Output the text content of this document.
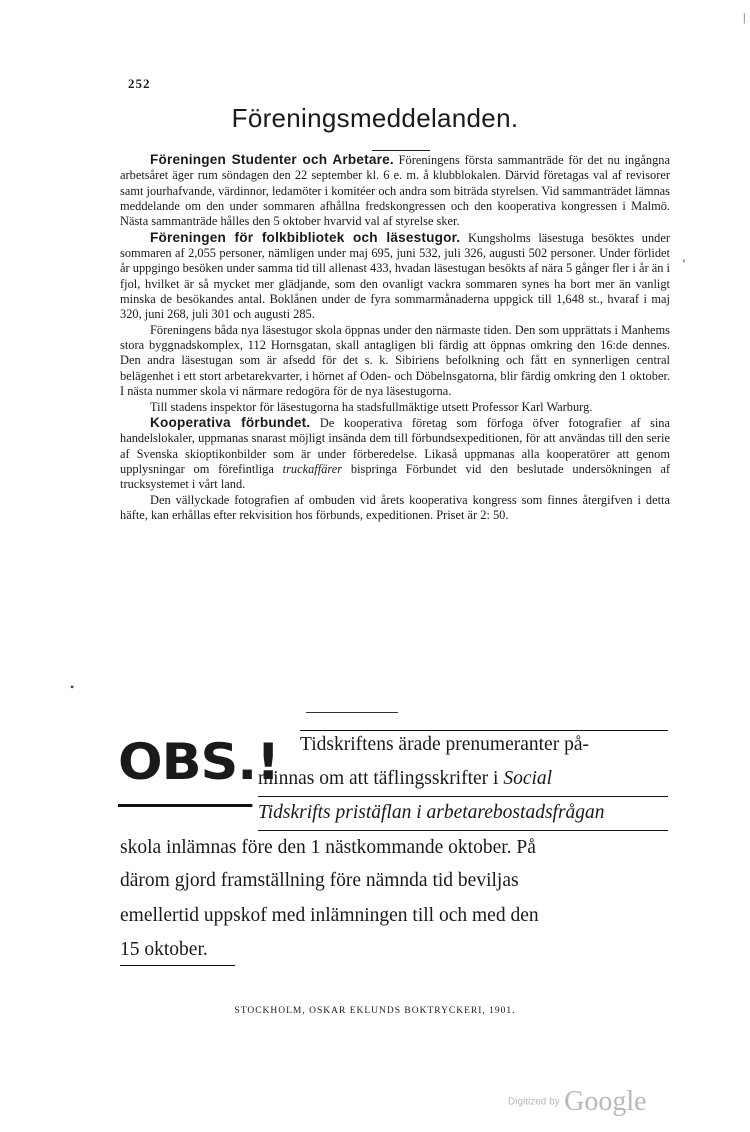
252
Föreningsmeddelanden.

Föreningen Studenter och Arbetare. Föreningens första sammanträde för det nu ingångna arbetsåret äger rum söndagen den 22 september kl. 6 e. m. å klubblokalen. Därvid företagas val af revisorer samt jourhafvande, värdinnor, ledamöter i komitéer och andra som biträda styrelsen. Vid sammanträdet lämnas meddelande om den under sommaren afhållna fredskongressen och den kooperativa kongressen i Malmö. Nästa sammanträde hålles den 5 oktober hvarvid val af styrelse sker.

Föreningen för folkbibliotek och läsestugor. Kungsholms läsestuga besöktes under sommaren af 2,055 personer, nämligen under maj 695, juni 532, juli 326, augusti 502 personer. Under förlidet år uppgingo besöken under samma tid till allenast 433, hvadan läsestugan besökts af nära 5 gånger fler i år än i fjol, hvilket är så mycket mer glädjande, som den ovanligt vackra sommaren synes ha bort mer än vanligt minska de besökandes antal. Boklånen under de fyra sommarmånaderna uppgick till 1,648 st., hvaraf i maj 320, juni 268, juli 301 och augusti 285.

Föreningens båda nya läsestugor skola öppnas under den närmaste tiden. Den som upprättats i Manhems stora byggnadskomplex, 112 Hornsgatan, skall antagligen bli färdig att öppnas omkring den 16:de dennes. Den andra läsestugan som är afsedd för det s. k. Sibiriens befolkning och fått en synnerligen central belägenhet i ett stort arbetarekvarter, i hörnet af Oden- och Döbelnsgatorna, blir färdig omkring den 1 oktober. I nästa nummer skola vi närmare redogöra för de nya läsestugorna.

Till stadens inspektor för läsestugorna ha stadsfullmäktige utsett Professor Karl Warburg.

Kooperativa förbundet. De kooperativa företag som förfoga öfver fotografier af sina handelslokaler, uppmanas snarast möjligt insända dem till förbundsexpeditionen, för att användas till den serie af Svenska skioptikonbilder som är under förberedelse. Likaså uppmanas alla kooperatörer att genom upplysningar om förefintliga truckaffärer bispringa Förbundet vid den beslutade undersökningen af trucksystemet i vårt land.

Den vällyckade fotografien af ombuden vid årets kooperativa kongress som finnes återgifven i detta häfte, kan erhållas efter rekvisition hos förbunds, expeditionen. Priset är 2: 50.

OBS.! Tidskriftens ärade prenumeranter på-
minnas om att täflingsskrifter i Social
Tidskrifts pristäflan i arbetarebostadsfrågan
skola inlämnas före den 1 nästkommande oktober. På
därom gjord framställning före nämnda tid beviljas
emellertid uppskof med inlämningen till och med den
15 oktober.
STOCKHOLM, OSKAR EKLUNDS BOKTRYCKERI, 1901.
Digitized by Google
‘
•
|
